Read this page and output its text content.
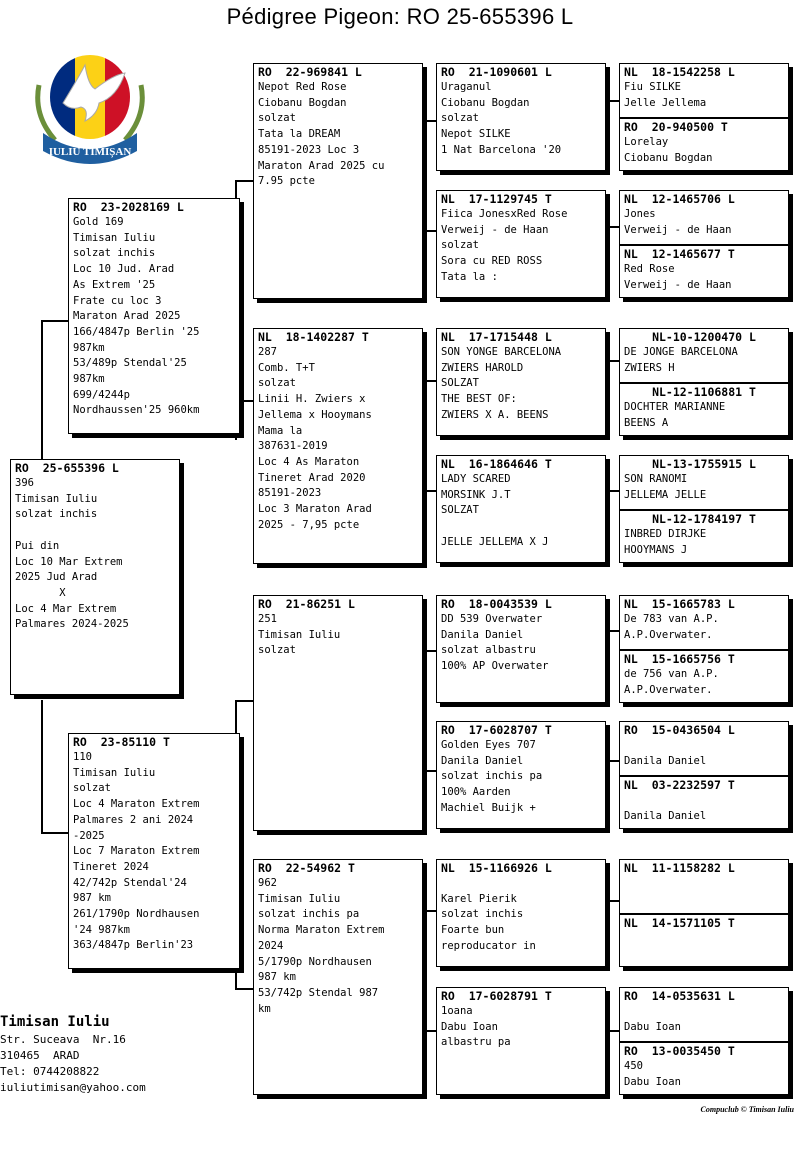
Pédigree Pigeon: RO 25-655396 L
IULIU TIMIȘAN
RO  25-655396 L
396
Timisan Iuliu
solzat inchis
Pui din
Loc 10 Mar Extrem
2025 Jud Arad
X
Loc 4 Mar Extrem
Palmares 2024-2025
RO  23-2028169 L
Gold 169
Timisan Iuliu
solzat inchis
Loc 10 Jud. Arad
As Extrem '25
Frate cu loc 3
Maraton Arad 2025
166/4847p Berlin '25
987km
53/489p Stendal'25
987km
699/4244p
Nordhaussen'25 960km
RO  23-85110 T
110
Timisan Iuliu
solzat
Loc 4 Maraton Extrem
Palmares 2 ani 2024
-2025
Loc 7 Maraton Extrem
Tineret 2024
42/742p Stendal'24
987 km
261/1790p Nordhausen
'24 987km
363/4847p Berlin'23
RO  22-969841 L
Nepot Red Rose
Ciobanu Bogdan
solzat
Tata la DREAM
85191-2023 Loc 3
Maraton Arad 2025 cu
7.95 pcte
NL  18-1402287 T
287
Comb. T+T
solzat
Linii H. Zwiers x
Jellema x Hooymans
Mama la
387631-2019
Loc 4 As Maraton
Tineret Arad 2020
85191-2023
Loc 3 Maraton Arad
2025 - 7,95 pcte
RO  21-86251 L
251
Timisan Iuliu
solzat
RO  22-54962 T
962
Timisan Iuliu
solzat inchis pa
Norma Maraton Extrem
2024
5/1790p Nordhausen
987 km
53/742p Stendal 987
km
RO  21-1090601 L
Uraganul
Ciobanu Bogdan
solzat
Nepot SILKE
1 Nat Barcelona '20
NL  17-1129745 T
Fiica JonesxRed Rose
Verweij - de Haan
solzat
Sora cu RED ROSS
Tata la :
NL  17-1715448 L
SON YONGE BARCELONA
ZWIERS HAROLD
SOLZAT
THE BEST OF:
ZWIERS X A. BEENS
NL  16-1864646 T
LADY SCARED
MORSINK J.T
SOLZAT
JELLE JELLEMA X J
RO  18-0043539 L
DD 539 Overwater
Danila Daniel
solzat albastru
100% AP Overwater
RO  17-6028707 T
Golden Eyes 707
Danila Daniel
solzat inchis pa
100% Aarden
Machiel Buijk +
NL  15-1166926 L
Karel Pierik
solzat inchis
Foarte bun
reproducator in
RO  17-6028791 T
1oana
Dabu Ioan
albastru pa
NL  18-1542258 L
Fiu SILKE
Jelle Jellema
RO  20-940500 T
Lorelay
Ciobanu Bogdan
NL  12-1465706 L
Jones
Verweij - de Haan
NL  12-1465677 T
Red Rose
Verweij - de Haan
NL-10-1200470 L
DE JONGE BARCELONA
ZWIERS H
NL-12-1106881 T
DOCHTER MARIANNE
BEENS A
NL-13-1755915 L
SON RANOMI
JELLEMA JELLE
NL-12-1784197 T
INBRED DIRJKE
HOOYMANS J
NL  15-1665783 L
De 783 van A.P.
A.P.Overwater.
NL  15-1665756 T
de 756 van A.P.
A.P.Overwater.
RO  15-0436504 L
Danila Daniel
NL  03-2232597 T
Danila Daniel
NL  11-1158282 L
NL  14-1571105 T
RO  14-0535631 L
Dabu Ioan
RO  13-0035450 T
450
Dabu Ioan
Timisan Iuliu
Str. Suceava  Nr.16
310465  ARAD
Tel: 0744208822
iuliutimisan@yahoo.com
Compuclub © Timisan Iuliu
